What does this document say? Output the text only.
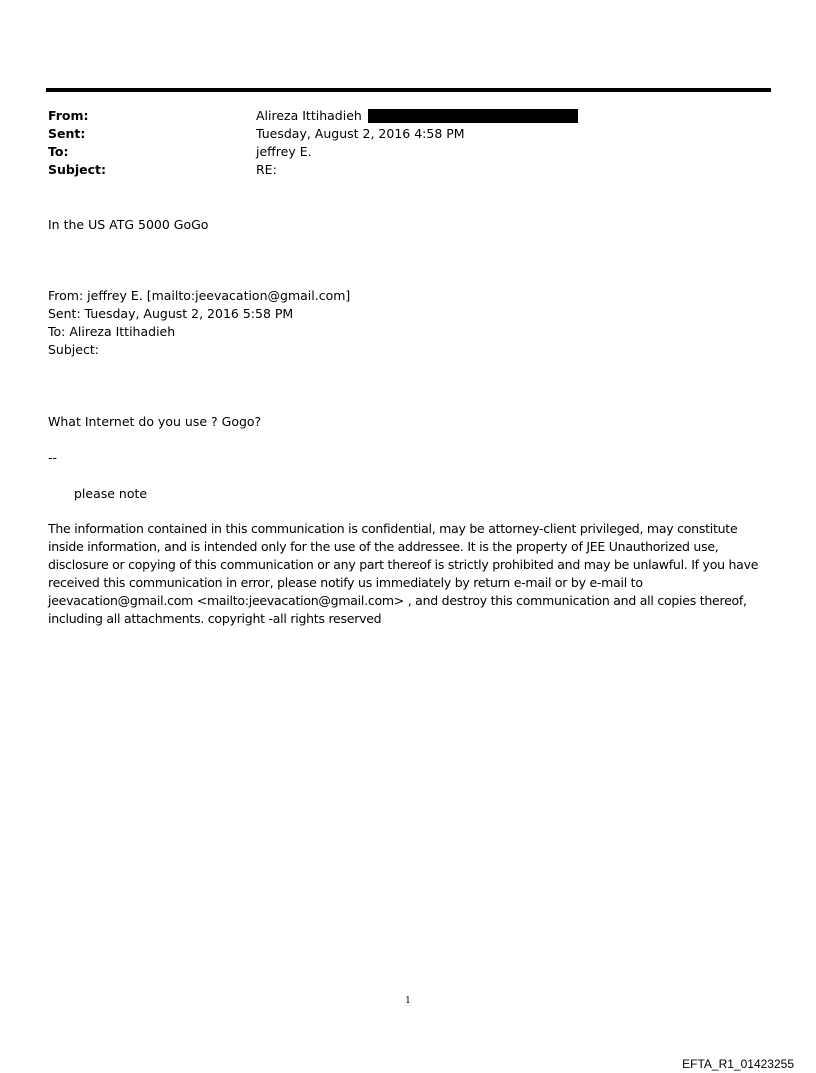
From:	Alireza Ittihadieh
Sent:	Tuesday, August 2, 2016 4:58 PM
To:	jeffrey E.
Subject:	RE:
In the US ATG 5000 GoGo
From: jeffrey E. [mailto:jeevacation@gmail.com]
Sent: Tuesday, August 2, 2016 5:58 PM
To: Alireza Ittihadieh
Subject:
What Internet do you use ? Gogo?
--
please note
The information contained in this communication is confidential, may be attorney-client privileged, may constitute
inside information, and is intended only for the use of the addressee. It is the property of JEE Unauthorized use,
disclosure or copying of this communication or any part thereof is strictly prohibited and may be unlawful. If you have
received this communication in error, please notify us immediately by return e-mail or by e-mail to
jeevacation@gmail.com <mailto:jeevacation@gmail.com> , and destroy this communication and all copies thereof,
including all attachments. copyright -all rights reserved
1
EFTA_R1_01423255
